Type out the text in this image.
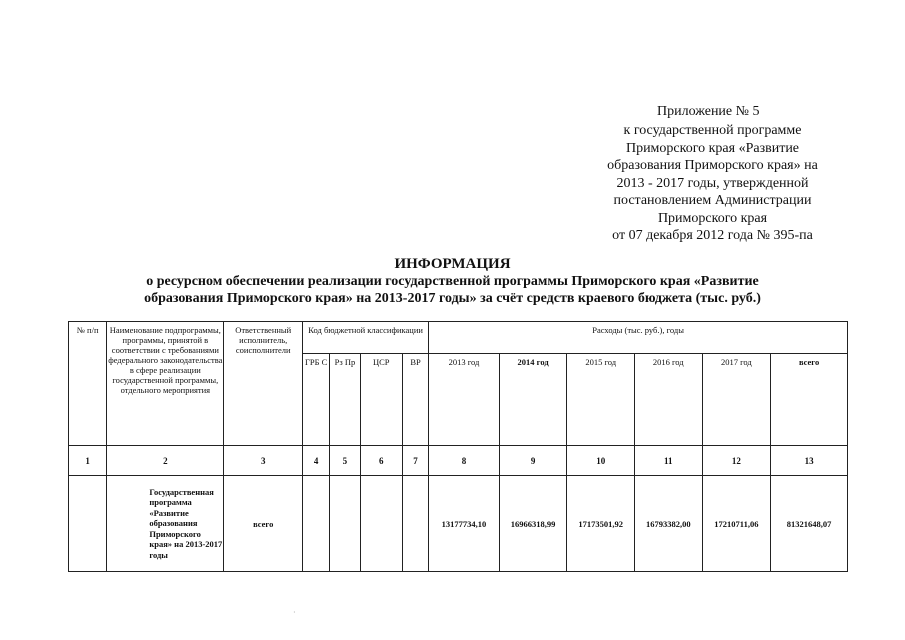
Приложение № 5
к государственной программе
Приморского края «Развитие
образования Приморского края» на
2013 - 2017 годы, утвержденной
постановлением Администрации
Приморского края
от 07 декабря 2012 года № 395-па
ИНФОРМАЦИЯ
о ресурсном обеспечении реализации государственной программы Приморского края «Развитие
образования Приморского края» на 2013-2017 годы» за счёт средств краевого бюджета (тыс. руб.)
№ п/п	Наименование подпрограммы, программы, принятой в соответствии с требованиями федерального законодательства в сфере реализации государственной программы, отдельного мероприятия	Ответственный исполнитель, соисполнители	Код бюджетной классификации				Расходы (тыс. руб.), годы					
			ГРБ С	Рз Пр	ЦСР	ВР	2013 год	2014 год	2015 год	2016 год	2017 год	всего
1	2	3	4	5	6	7	8	9	10	11	12	13
	Государственная программа «Развитие образования Приморского края» на 2013-2017 годы	всего					13177734,10	16966318,99	17173501,92	16793382,00	17210711,06	81321648,07
·
